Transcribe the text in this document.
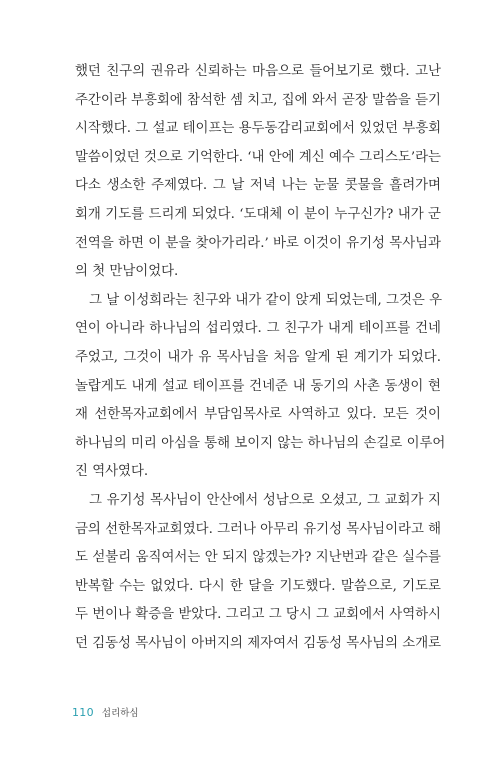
했던 친구의 권유라 신뢰하는 마음으로 들어보기로 했다. 고난
주간이라 부흥회에 참석한 셈 치고, 집에 와서 곧장 말씀을 듣기
시작했다. 그 설교 테이프는 용두동감리교회에서 있었던 부흥회
말씀이었던 것으로 기억한다. ‘내 안에 계신 예수 그리스도’라는
다소 생소한 주제였다. 그 날 저녁 나는 눈물 콧물을 흘려가며
회개 기도를 드리게 되었다. ‘도대체 이 분이 누구신가? 내가 군
전역을 하면 이 분을 찾아가리라.’ 바로 이것이 유기성 목사님과
의 첫 만남이었다.

그 날 이성희라는 친구와 내가 같이 앉게 되었는데, 그것은 우
연이 아니라 하나님의 섭리였다. 그 친구가 내게 테이프를 건네
주었고, 그것이 내가 유 목사님을 처음 알게 된 계기가 되었다.
놀랍게도 내게 설교 테이프를 건네준 내 동기의 사촌 동생이 현
재 선한목자교회에서 부담임목사로 사역하고 있다. 모든 것이
하나님의 미리 아심을 통해 보이지 않는 하나님의 손길로 이루어
진 역사였다.

그 유기성 목사님이 안산에서 성남으로 오셨고, 그 교회가 지
금의 선한목자교회였다. 그러나 아무리 유기성 목사님이라고 해
도 섣불리 움직여서는 안 되지 않겠는가? 지난번과 같은 실수를
반복할 수는 없었다. 다시 한 달을 기도했다. 말씀으로, 기도로
두 번이나 확증을 받았다. 그리고 그 당시 그 교회에서 사역하시
던 김동성 목사님이 아버지의 제자여서 김동성 목사님의 소개로

110 섭리하심
